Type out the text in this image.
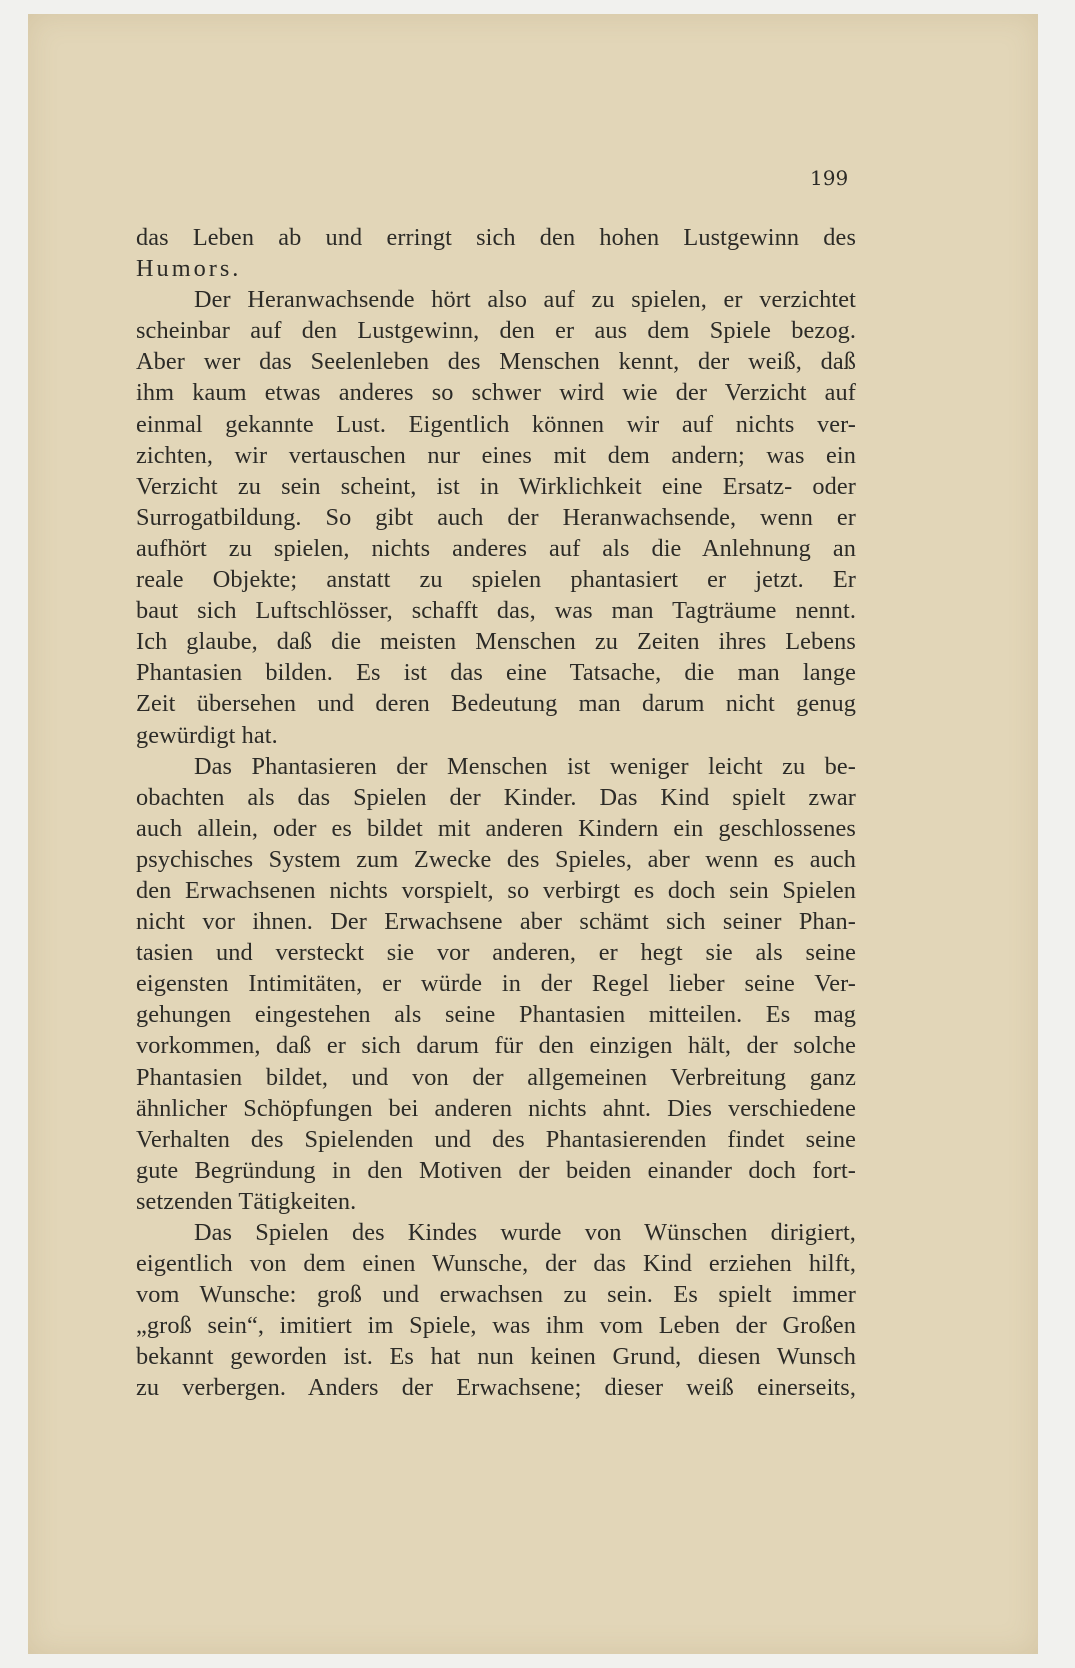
199
das Leben ab und erringt sich den hohen Lustgewinn des
Humors.
Der Heranwachsende hört also auf zu spielen, er verzichtet
scheinbar auf den Lustgewinn, den er aus dem Spiele bezog.
Aber wer das Seelenleben des Menschen kennt, der weiß, daß
ihm kaum etwas anderes so schwer wird wie der Verzicht auf
einmal gekannte Lust. Eigentlich können wir auf nichts ver-
zichten, wir vertauschen nur eines mit dem andern; was ein
Verzicht zu sein scheint, ist in Wirklichkeit eine Ersatz- oder
Surrogatbildung. So gibt auch der Heranwachsende, wenn er
aufhört zu spielen, nichts anderes auf als die Anlehnung an
reale Objekte; anstatt zu spielen phantasiert er jetzt. Er
baut sich Luftschlösser, schafft das, was man Tagträume nennt.
Ich glaube, daß die meisten Menschen zu Zeiten ihres Lebens
Phantasien bilden. Es ist das eine Tatsache, die man lange
Zeit übersehen und deren Bedeutung man darum nicht genug
gewürdigt hat.
Das Phantasieren der Menschen ist weniger leicht zu be-
obachten als das Spielen der Kinder. Das Kind spielt zwar
auch allein, oder es bildet mit anderen Kindern ein geschlossenes
psychisches System zum Zwecke des Spieles, aber wenn es auch
den Erwachsenen nichts vorspielt, so verbirgt es doch sein Spielen
nicht vor ihnen. Der Erwachsene aber schämt sich seiner Phan-
tasien und versteckt sie vor anderen, er hegt sie als seine
eigensten Intimitäten, er würde in der Regel lieber seine Ver-
gehungen eingestehen als seine Phantasien mitteilen. Es mag
vorkommen, daß er sich darum für den einzigen hält, der solche
Phantasien bildet, und von der allgemeinen Verbreitung ganz
ähnlicher Schöpfungen bei anderen nichts ahnt. Dies verschiedene
Verhalten des Spielenden und des Phantasierenden findet seine
gute Begründung in den Motiven der beiden einander doch fort-
setzenden Tätigkeiten.
Das Spielen des Kindes wurde von Wünschen dirigiert,
eigentlich von dem einen Wunsche, der das Kind erziehen hilft,
vom Wunsche: groß und erwachsen zu sein. Es spielt immer
„groß sein“, imitiert im Spiele, was ihm vom Leben der Großen
bekannt geworden ist. Es hat nun keinen Grund, diesen Wunsch
zu verbergen. Anders der Erwachsene; dieser weiß einerseits,
